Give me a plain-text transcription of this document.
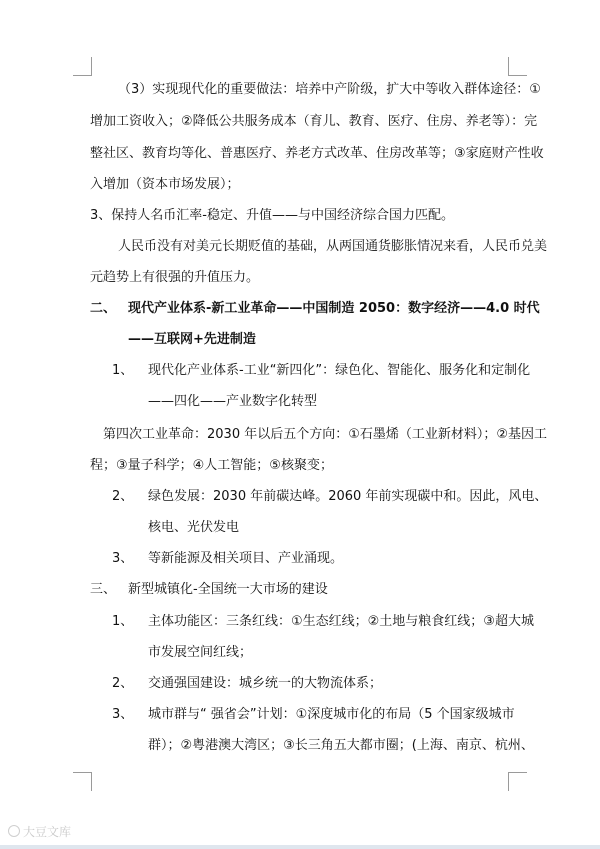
（3）实现现代化的重要做法：培养中产阶级，扩大中等收入群体途径：①
增加工资收入；②降低公共服务成本（育儿、教育、医疗、住房、养老等）：完
整社区、教育均等化、普惠医疗、养老方式改革、住房改革等；③家庭财产性收
入增加（资本市场发展）；
3、保持人名币汇率-稳定、升值——与中国经济综合国力匹配。
人民币没有对美元长期贬值的基础，从两国通货膨胀情况来看，人民币兑美
元趋势上有很强的升值压力。
二、 现代产业体系-新工业革命——中国制造 2050：数字经济——4.0 时代
——互联网+先进制造
1、 现代化产业体系-工业“新四化”：绿色化、智能化、服务化和定制化
——四化——产业数字化转型
第四次工业革命：2030 年以后五个方向：①石墨烯（工业新材料）；②基因工
程；③量子科学；④人工智能；⑤核聚变；
2、 绿色发展：2030 年前碳达峰。2060 年前实现碳中和。因此，风电、
核电、光伏发电
3、 等新能源及相关项目、产业涌现。
三、 新型城镇化-全国统一大市场的建设
1、 主体功能区：三条红线：①生态红线；②土地与粮食红线；③超大城
市发展空间红线；
2、 交通强国建设：城乡统一的大物流体系；
3、 城市群与“ 强省会”计划：①深度城市化的布局（5 个国家级城市
群）；②粤港澳大湾区；③长三角五大都市圈；(上海、南京、杭州、
大豆文库
